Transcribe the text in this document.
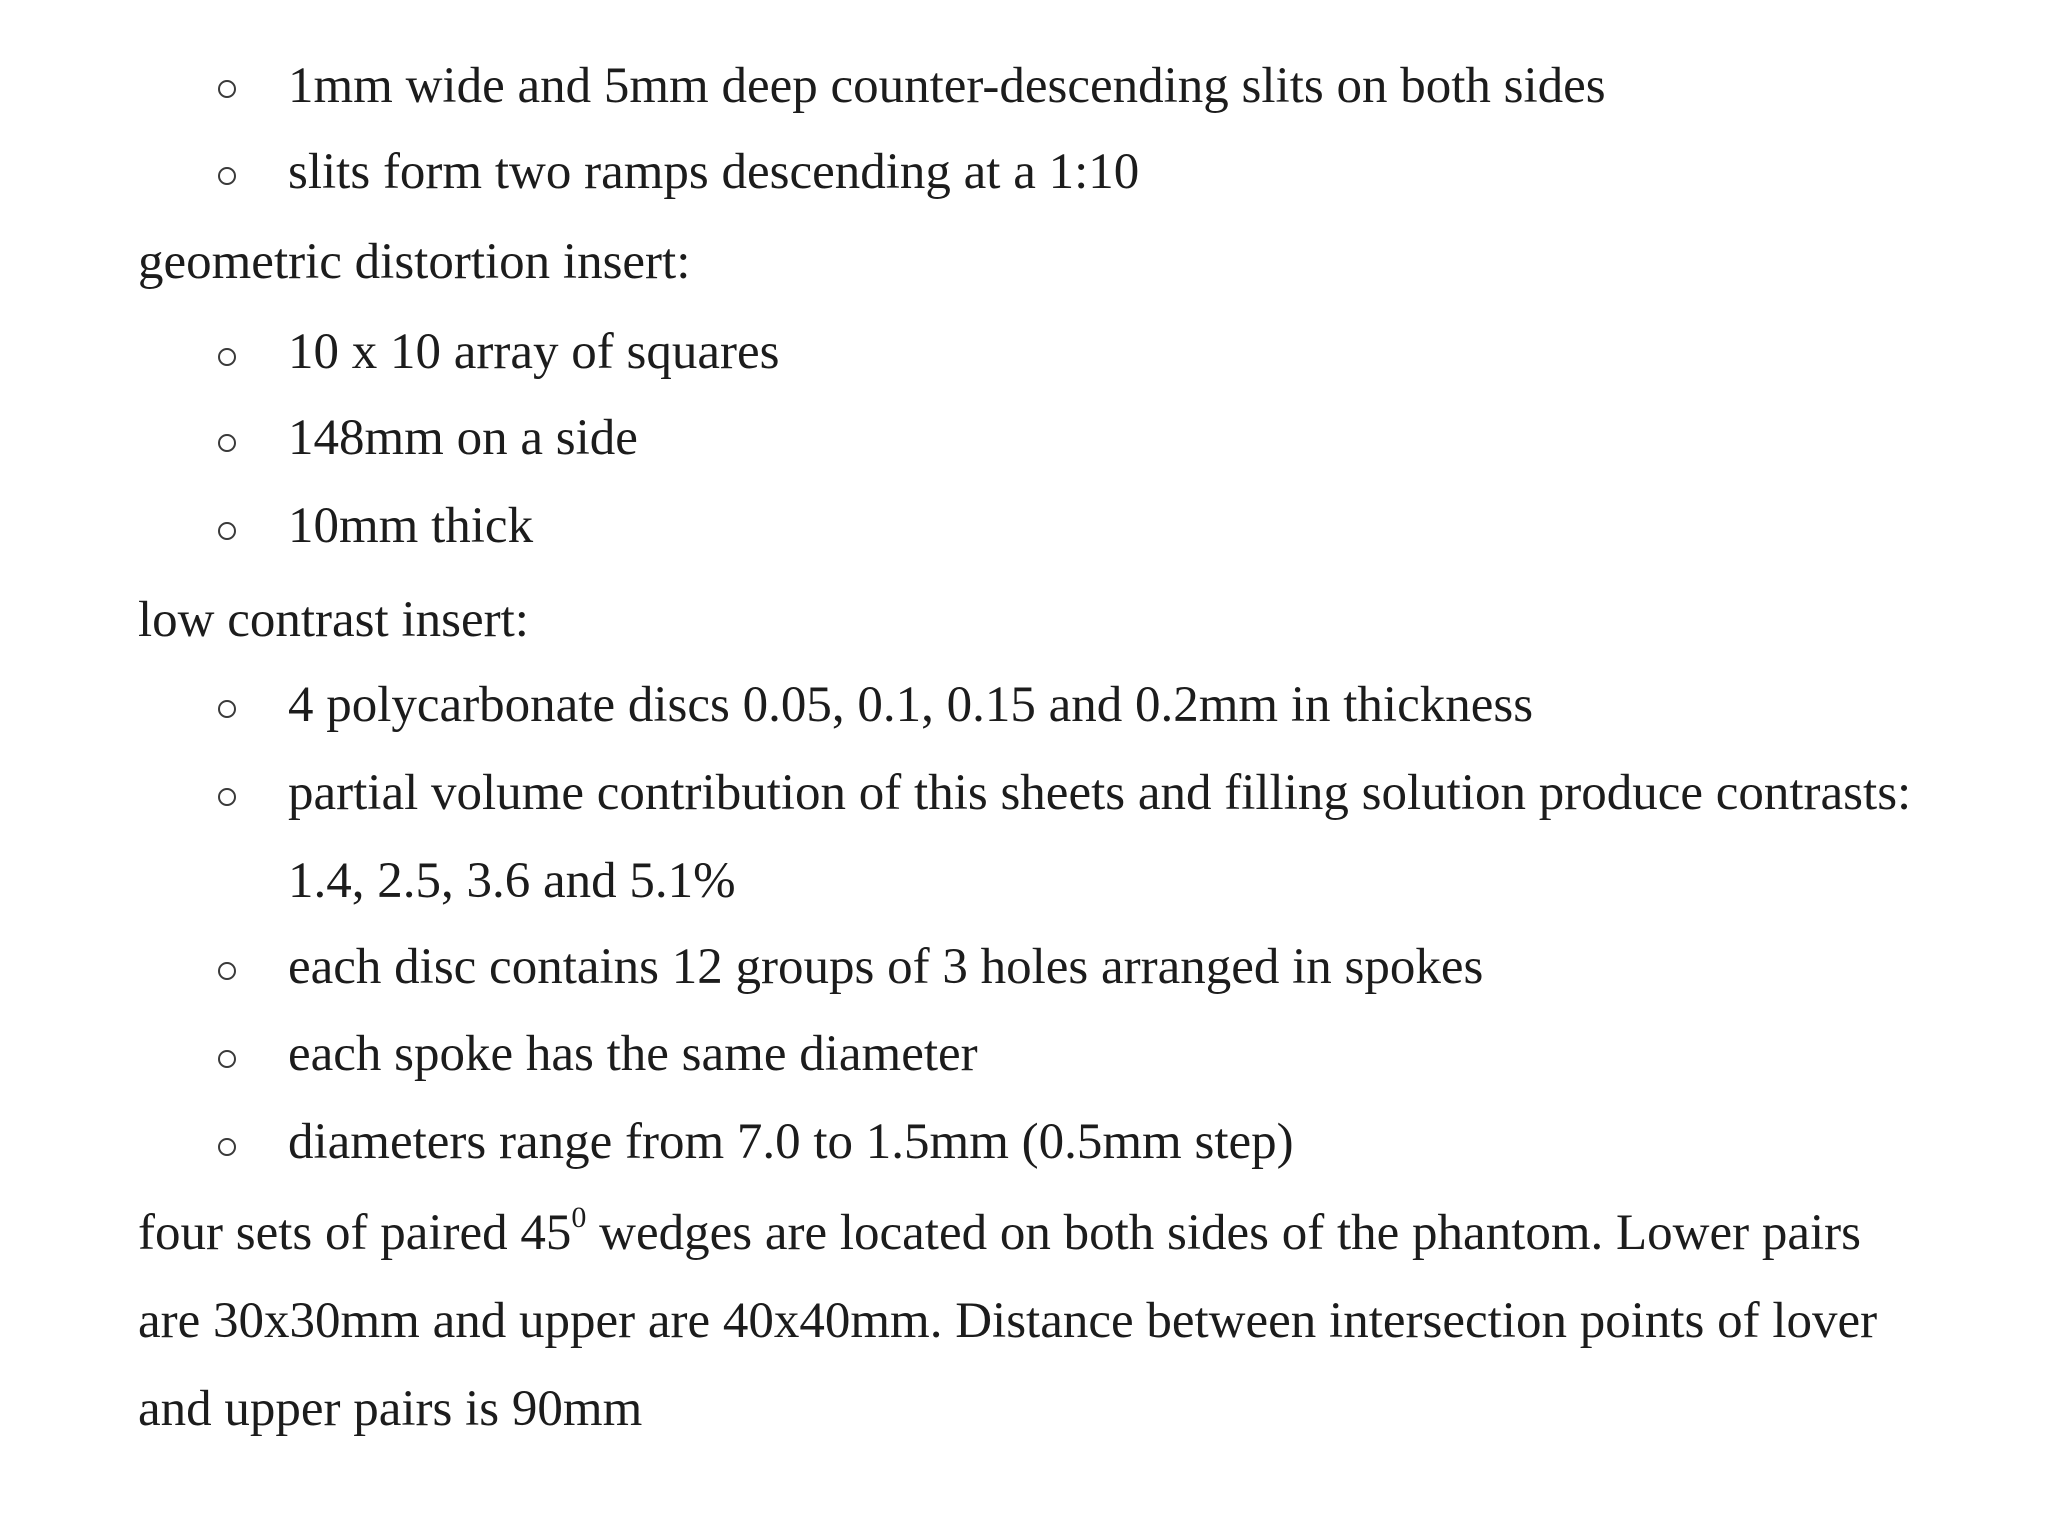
1mm wide and 5mm deep counter-descending slits on both sides
slits form two ramps descending at a 1:10
geometric distortion insert:
10 x 10 array of squares
148mm on a side
10mm thick
low contrast insert:
4 polycarbonate discs 0.05, 0.1, 0.15 and 0.2mm in thickness
partial volume contribution of this sheets and filling solution produce contrasts:
1.4, 2.5, 3.6 and 5.1%
each disc contains 12 groups of 3 holes arranged in spokes
each spoke has the same diameter
diameters range from 7.0 to 1.5mm (0.5mm step)
four sets of paired $45^0$ wedges are located on both sides of the phantom. Lower pairs
are 30x30mm and upper are 40x40mm. Distance between intersection points of lover
and upper pairs is 90mm
